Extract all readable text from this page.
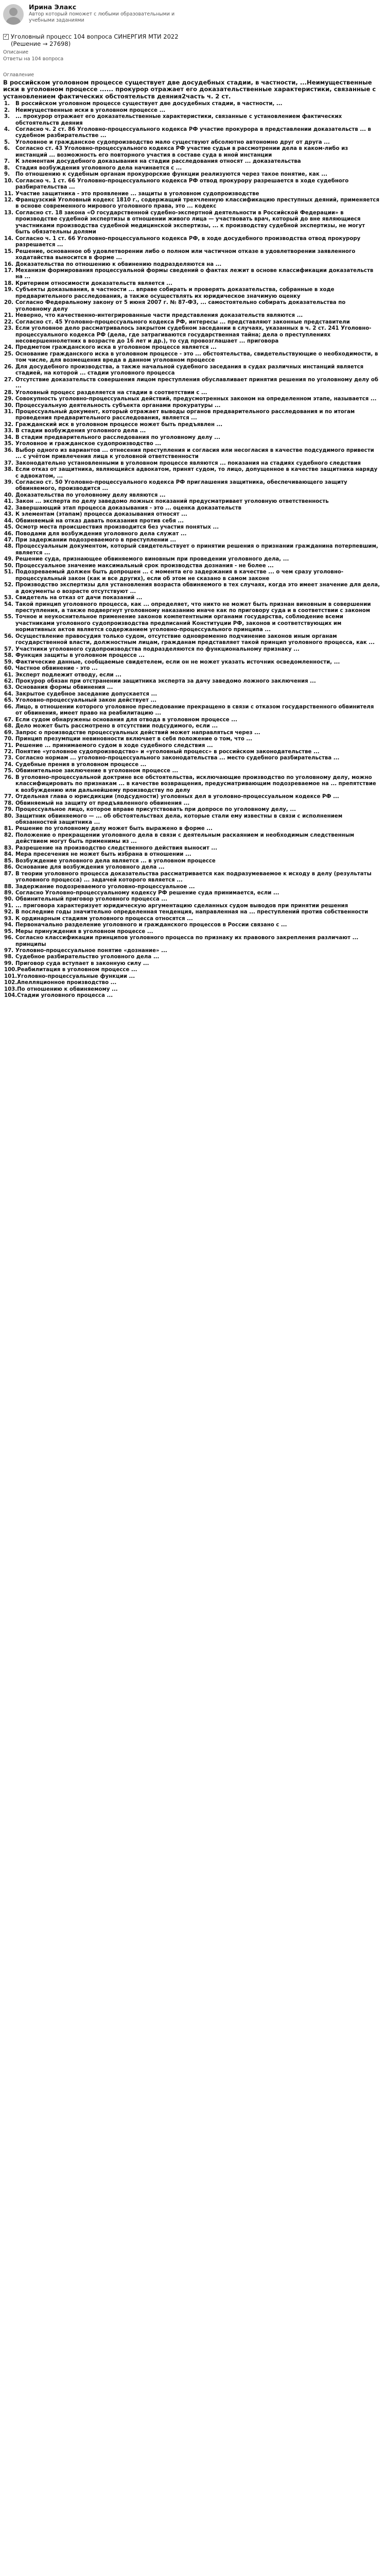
Ирина Элакс
Автор который поможет с любыми образовательными и
учебными заданиями
✓ Уголовный процесс 104 вопроса СИНЕРГИЯ МТИ 2022
(Решение → 27698)
Описание
Ответы на 104 вопроса
Оглавление
В российском уголовном процессе существует две досудебных стадии, в частности, ...Неимущественные иски в уголовном процессе ...... прокурор отражает его доказательственные характеристики, связанные с установлением фактических обстоятельств деяния2часть ч. 2 ст.
1.	В российском уголовном процессе существует две досудебных стадии, в частности, ...
2.	Неимущественные иски в уголовном процессе ...
3.	... прокурор отражает его доказательственные характеристики, связанные с установлением фактических обстоятельств деяния
4.	Согласно ч. 2 ст. 86 Уголовно-процессуального кодекса РФ участие прокурора в представлении доказательств ... в судебном разбирательстве ...
5.	Уголовное и гражданское судопроизводство мало существуют абсолютно автономно друг от друга ...
6.	Согласно ст. 43 Уголовно-процессуального кодекса РФ участие судьи в рассмотрении дела в каком-либо из инстанций ... возможность его повторного участия в составе суда в иной инстанции
7.	К элементам досудебного доказывания на стадии расследования относят ... доказательства
8.	Стадия возбуждения уголовного дела начинается с ...
9.	По отношению к судебным органам прокурорские функции реализуются через такое понятие, как ...
10. Согласно ч. 1 ст. 66 Уголовно-процессуального кодекса РФ отвод прокурору разрешается в ходе судебного разбирательства ...
11. Участие защитника - это проявление ... защиты в уголовном судопроизводстве
12. Французский Уголовный кодекс 1810 г., содержащий трехчленную классификацию преступных деяний, применяется в основе современного мирового уголовного права, это ... кодекс
13. Согласно ст. 18 закона «О государственной судебно-экспертной деятельности в Российской Федерации» в производстве судебной экспертизы в отношении живого лица — участвовать врач, который до вне являющиеся участниками производства судебной медицинской экспертизы, ... к производству судебной экспертизы, не могут быть обязательны долями
14. Согласно ч. 1 ст. 66 Уголовно-процессуального кодекса РФ, в ходе досудебного производства отвод прокурору разрешается ...
15. Решение, основанное об удовлетворении либо о полном или частичном отказе в удовлетворении заявленного ходатайства выносится в форме ...
16. Доказательства по отношению к обвинению подразделяются на ...
17. Механизм формирования процессуальной формы сведений о фактах лежит в основе классификации доказательств на ...
18. Критерием относимости доказательств является ...
19. Субъекты доказывания, в частности ... вправе собирать и проверять доказательства, собранные в ходе предварительного расследования, а также осуществлять их юридическое значимую оценку
20. Согласно Федеральному закону от 5 июня 2007 г. № 87-ФЗ, ... самостоятельно собирать доказательства по уголовному делу
21. Неверно, что качественно-интегрированные части представления доказательств являются ...
22. Согласно ст. 45 Уголовно-процессуального кодекса РФ, интересы ... представляют законные представители
23. Если уголовное дело рассматривалось закрытом судебном заседании в случаях, указанных в ч. 2 ст. 241 Уголовно-процессуального кодекса РФ (дела, где затрагиваются государственная тайна; дела о преступлениях несовершеннолетних в возрасте до 16 лет и др.), то суд провозглашает ... приговора
24. Предметом гражданского иска в уголовном процессе является ...
25. Основание гражданского иска в уголовном процессе - это ... обстоятельства, свидетельствующие о необходимости, в том числе, для возмещения вреда в данном уголовном процессе
26. Для досудебного производства, а также начальной судебного заседания в судах различных инстанций является стадией, на которой ... стадии уголовного процесса
27. Отсутствие доказательств совершения лицом преступления обуславливает принятия решения по уголовному делу об ...
28. Уголовный процесс разделяется на стадии в соответствии с ...
29. Совокупность уголовно-процессуальных действий, предусмотренных законом на определенном этапе, называется ...
30. Процессуальную деятельность субъекта органами прокуратуры ...
31. Процессуальный документ, который отражает выводы органов предварительного расследования и по итогам проведения предварительного расследования, является ...
32. Гражданский иск в уголовном процессе может быть предъявлен ...
33. В стадии возбуждения уголовного дела ...
34. В стадии предварительного расследования по уголовному делу ...
35. Уголовное и гражданское судопроизводство ...
36. Выбор одного из вариантов ... отнесения преступления и согласия или несогласия в качестве подсудимого привести ... с учётом привлечения лица к уголовной ответственности
37. Законодательно установленными в уголовном процессе являются ... показания на стадиях судебного следствия
38. Если отказ от защитника, являющийся адвокатом, принят судом, то лицо, допущенное в качестве защитника наряду с адвокатом, ...
39. Согласно ст. 50 Уголовно-процессуального кодекса РФ приглашения защитника, обеспечивающего защиту обвиняемого, производится ...
40. Доказательства по уголовному делу являются ...
41. Закон ... эксперта по делу заведомо ложных показаний предусматривает уголовную ответственность
42. Завершающий этап процесса доказывания - это ... оценка доказательств
43. К элементам (этапам) процесса доказывания относят ...
44. Обвиняемый на отказ давать показания против себя ...
45. Осмотр места происшествия производится без участия понятых ...
46. Поводами для возбуждения уголовного дела служат ...
47. При задержании подозреваемого в преступлении ...
48. Процессуальным документом, который свидетельствует о принятии решения о признании гражданина потерпевшим, является ...
49. Решение суда, признающее обвиняемого виновным при проведении уголовного дела, ...
50. Процессуальное значение максимальный срок производства дознания - не более ...
51. Подозреваемый должен быть допрошен ... с момента его задержания в качестве ... о чем сразу уголовно-процессуальный закон (как и все других), если об этом не сказано в самом законе
52. Производство экспертизы для установления возраста обвиняемого в тех случаях, когда это имеет значение для дела, а документы о возрасте отсутствуют ...
53. Свидетель на отказ от дачи показаний ...
54. Такой принцип уголовного процесса, как ... определяет, что никто не может быть признан виновным в совершении преступления, а также подвергнут уголовному наказанию иначе как по приговору суда и в соответствии с законом
55. Точное и неукоснительное применение законов компетентными органами государства, соблюдение всеми участниками уголовного судопроизводства предписаний Конституции РФ, законов и соответствующих им нормативных актов является содержанием уголовно-процессуального принципа ...
56. Осуществление правосудия только судом, отсутствие одновременно подчинение законов иным органам государственной власти, должностным лицам, гражданам представляет такой принцип уголовного процесса, как ...
57. Участники уголовного судопроизводства подразделяются по функциональному признаку ...
58. Функция защиты в уголовном процессе ...
59. Фактические данные, сообщаемые свидетелем, если он не может указать источник осведомленности, ...
60. Частное обвинение - это ...
61. Эксперт подлежит отводу, если ...
62. Прокурор обязан при отстранении защитника эксперта за дачу заведомо ложного заключения ...
63. Основания формы обвинения ...
64. Закрытое судебное заседание допускается ...
65. Уголовно-процессуальный закон действует ...
66. Лицо, в отношении которого уголовное преследование прекращено в связи с отказом государственного обвинителя от обвинения, имеет право на реабилитацию ...
67. Если судом обнаружены основания для отвода в уголовном процессе ...
68. Дело может быть рассмотрено в отсутствии подсудимого, если ...
69. Запрос о производстве процессуальных действий может направляться через ...
70. Принцип презумпции невиновности включает в себя положение о том, что ...
71. Решение ... принимаемого судом в ходе судебного следствия ...
72. Понятие «уголовное судопроизводство» и «уголовный процесс» в российском законодательстве ...
73. Согласно нормам ... уголовно-процессуального законодательства ... место судебного разбирательства ...
74. Судебные прения в уголовном процессе ...
75. Обвинительное заключение в уголовном процессе ...
76. В уголовно-процессуальной доктрине все обстоятельства, исключающие производство по уголовному делу, можно классифицировать по признакам ... в качестве возвращения, предусматривающим подозреваемое на ... препятствие к возбуждению или дальнейшему производству по делу
77. Отдельная глава о юрисдикции (подсудности) уголовных дел в уголовно-процессуальном кодексе РФ ...
78. Обвиняемый на защиту от предъявленного обвинения ...
79. Процессуальное лицо, которое вправе присутствовать при допросе по уголовному делу, ...
80. Защитник обвиняемого — ... об обстоятельствах дела, которые стали ему известны в связи с исполнением обязанностей защитника ...
81. Решение по уголовному делу может быть выражено в форме ...
82. Положение о прекращении уголовного дела в связи с деятельным раскаянием и необходимым следственным действием могут быть применимы из ...
83. Разрешение на производство следственного действия выносит ...
84. Мера пресечения не может быть избрана в отношении ...
85. Возбуждение уголовного дела является ... в уголовном процессе
86. Основание для возбуждения уголовного дела ...
87. В теории уголовного процесса доказательства рассматривается как подразумеваемое к исходу в делу (результаты уголовного процесса) ... задачей которого является ...
88. Задержание подозреваемого уголовно-процессуальное ...
89. Согласно Уголовно-процессуальному кодексу РФ решение суда принимается, если ...
90. Обвинительный приговор уголовного процесса ...
91. ... приговора характеризует юридическую аргументацию сделанных судом выводов при принятии решения
92. В последние годы значительно определенная тенденция, направленная на ... преступлений против собственности
93. К ординарным стадиям уголовного процесса относятся ...
94. Первоначально разделение уголовного и гражданского процессов в России связано с ...
95. Меры принуждения в уголовном процессе ...
96. Согласно классификации принципов уголовного процесса по признаку их правового закрепления различают ... принципы
97. Уголовно-процессуальное понятие «дознание» ...
98. Судебное разбирательство уголовного дела ...
99. Приговор суда вступает в законную силу ...
100. Реабилитация в уголовном процессе ...
101. Уголовно-процессуальные функции ...
102. Апелляционное производство ...
103. По отношению к обвиняемому ...
104. Стадии уголовного процесса ...
